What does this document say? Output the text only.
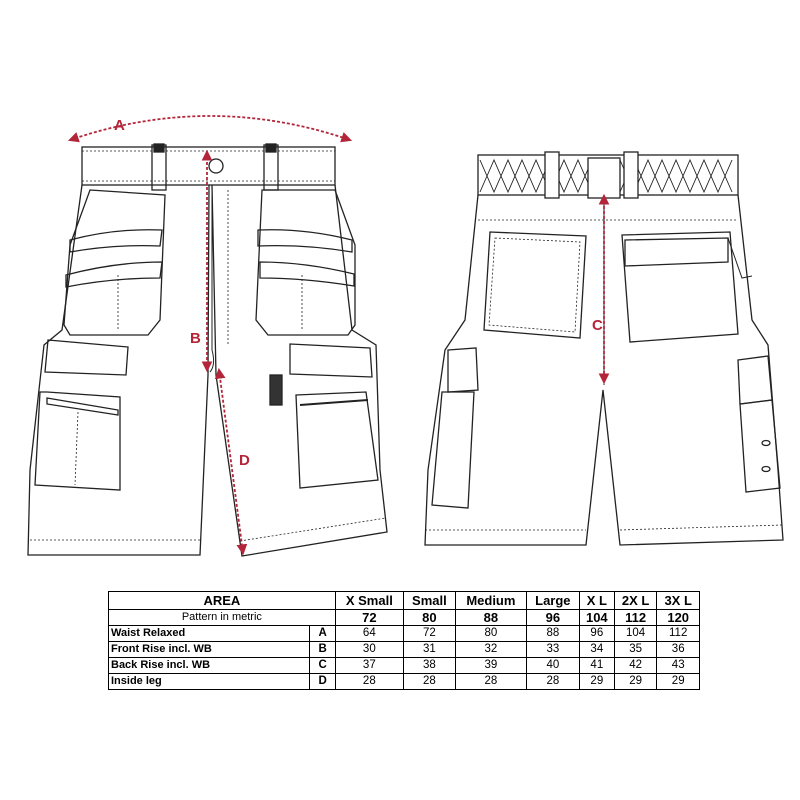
A
B
C
D
AREA		X Small	Small	Medium	Large	X L	2X L	3X L
Pattern in metric		72	80	88	96	104	112	120
Waist Relaxed	A	64	72	80	88	96	104	112
Front Rise incl. WB	B	30	31	32	33	34	35	36
Back Rise incl. WB	C	37	38	39	40	41	42	43
Inside leg	D	28	28	28	28	29	29	29
